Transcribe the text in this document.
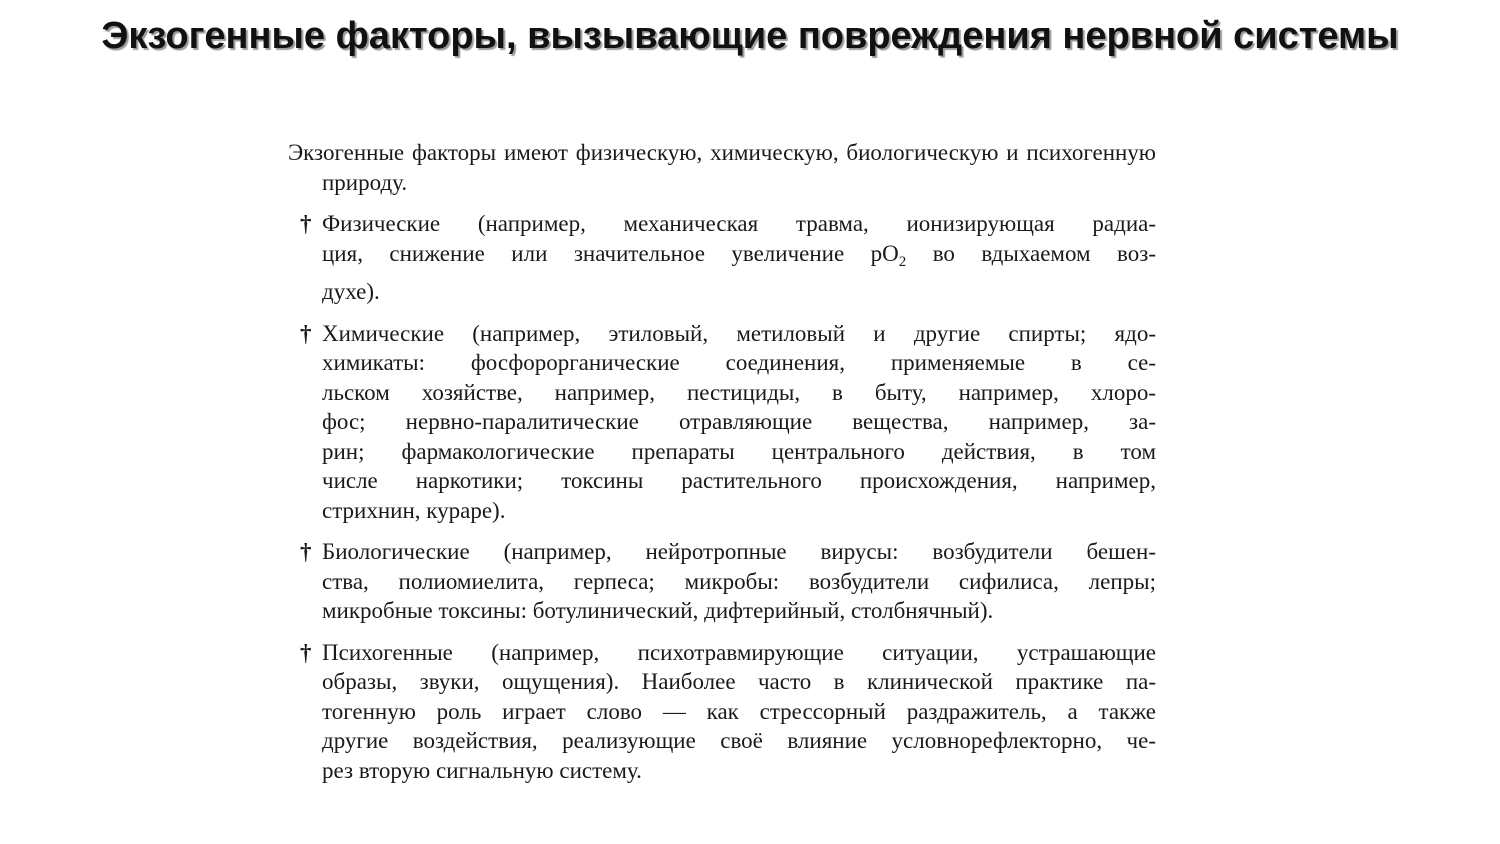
Экзогенные факторы, вызывающие повреждения нервной системы

Экзогенные факторы имеют физическую, химическую, биологическую и психогенную природу.

† Физические (например, механическая травма, ионизирующая радиа-
ция, снижение или значительное увеличение $pO_2$ во вдыхаемом воз-
духе).
† Химические (например, этиловый, метиловый и другие спирты; ядо-
химикаты: фосфорорганические соединения, применяемые в се-
льском хозяйстве, например, пестициды, в быту, например, хлоро-
фос; нервно-паралитические отравляющие вещества, например, за-
рин; фармакологические препараты центрального действия, в том
числе наркотики; токсины растительного происхождения, например,
стрихнин, кураре).
† Биологические (например, нейротропные вирусы: возбудители бешен-
ства, полиомиелита, герпеса; микробы: возбудители сифилиса, лепры;
микробные токсины: ботулинический, дифтерийный, столбнячный).
† Психогенные (например, психотравмирующие ситуации, устрашающие
образы, звуки, ощущения). Наиболее часто в клинической практике па-
тогенную роль играет слово — как стрессорный раздражитель, а также
другие воздействия, реализующие своё влияние условнорефлекторно, че-
рез вторую сигнальную систему.
